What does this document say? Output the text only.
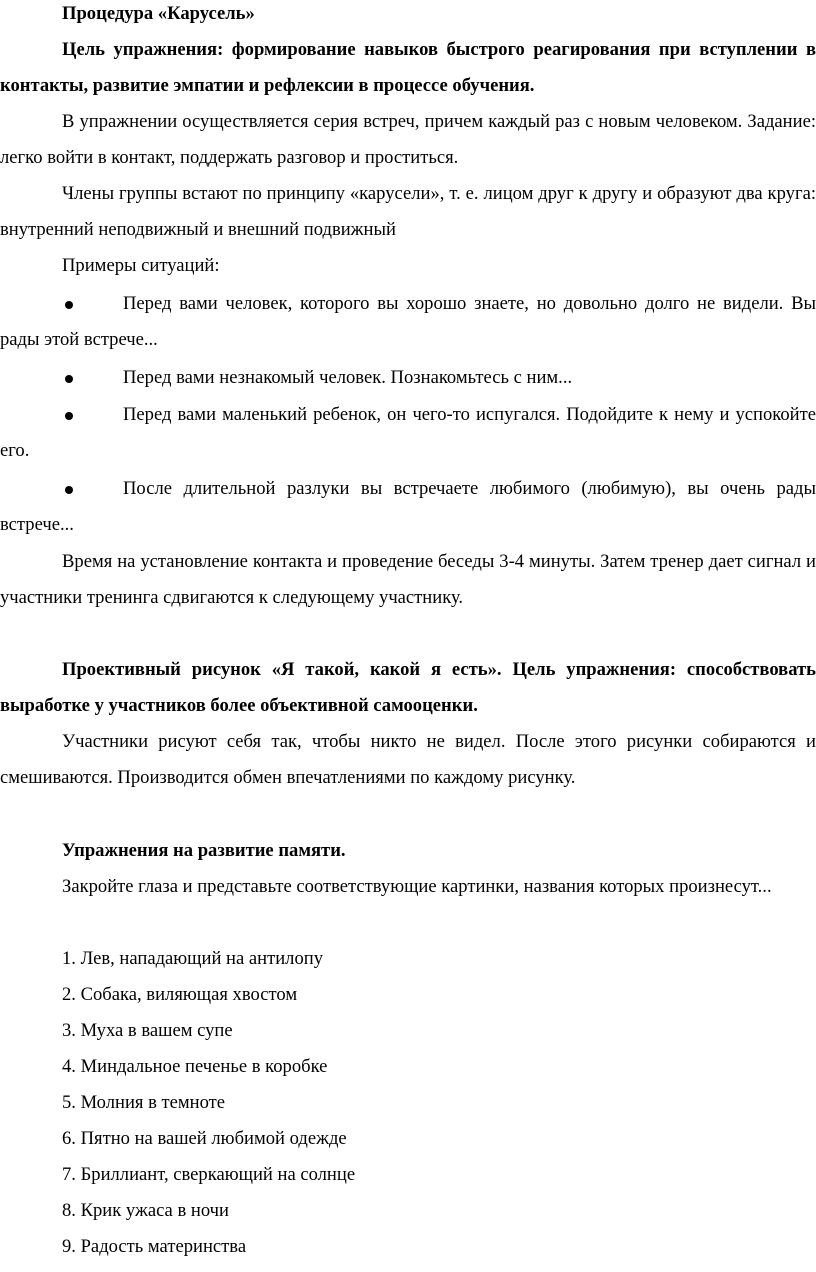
Процедура «Карусель»

Цель упражнения: формирование навыков быстрого реагирования при вступлении в контакты, развитие эмпатии и рефлексии в процессе обучения.

В упражнении осуществляется серия встреч, причем каждый раз с новым человеком. Задание: легко войти в контакт, поддержать разговор и проститься.

Члены группы встают по принципу «карусели», т. е. лицом друг к другу и образуют два круга: внутренний неподвижный и внешний подвижный

Примеры ситуаций:

Перед вами человек, которого вы хорошо знаете, но довольно долго не видели. Вы рады этой встрече...

Перед вами незнакомый человек. Познакомьтесь с ним...

Перед вами маленький ребенок, он чего-то испугался. Подойдите к нему и успокойте его.

После длительной разлуки вы встречаете любимого (любимую), вы очень рады встрече...

Время на установление контакта и проведение беседы 3-4 минуты. Затем тренер дает сигнал и участники тренинга сдвигаются к следующему участнику.

Проективный рисунок «Я такой, какой я есть». Цель упражнения: способствовать выработке у участников более объективной самооценки.

Участники рисуют себя так, чтобы никто не видел. После этого рисунки собираются и смешиваются. Производится обмен впечатлениями по каждому рисунку.

Упражнения на развитие памяти.

Закройте глаза и представьте соответствующие картинки, названия которых произнесут...

1. Лев, нападающий на антилопу

2. Собака, виляющая хвостом

3. Муха в вашем супе

4. Миндальное печенье в коробке

5. Молния в темноте

6. Пятно на вашей любимой одежде

7. Бриллиант, сверкающий на солнце

8. Крик ужаса в ночи

9. Радость материнства
